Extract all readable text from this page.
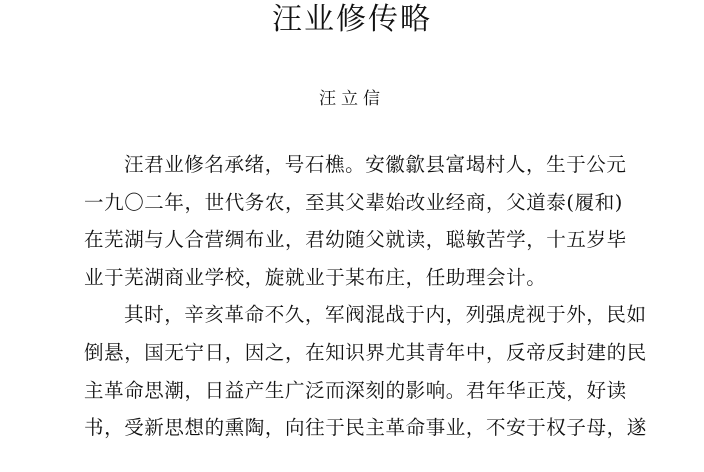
汪业修传略
汪立信
汪君业修名承绪，号石樵。安徽歙县富堨村人，生于公元
一九〇二年，世代务农，至其父辈始改业经商，父道泰(履和)
在芜湖与人合营绸布业，君幼随父就读，聪敏苦学，十五岁毕
业于芜湖商业学校，旋就业于某布庄，任助理会计。
其时，辛亥革命不久，军阀混战于内，列强虎视于外，民如
倒悬，国无宁日，因之，在知识界尤其青年中，反帝反封建的民
主革命思潮，日益产生广泛而深刻的影响。君年华正茂，好读
书，受新思想的熏陶，向往于民主革命事业，不安于权子母，遂
